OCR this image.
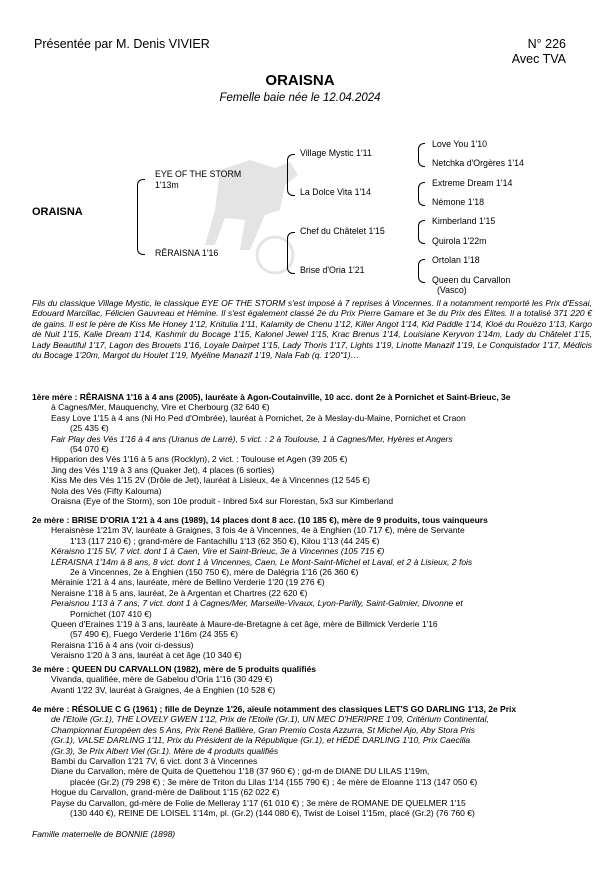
Présentée par M. Denis VIVIER	N° 226
Avec TVA
ORAISNA
Femelle baie née le 12.04.2024
ORAISNA
EYE OF THE STORM
1'13m
RÊRAISNA 1'16
Village Mystic 1'11
La Dolce Vita 1'14
Chef du Châtelet 1'15
Brise d'Oria 1'21
Love You 1'10
Netchka d'Orgères 1'14
Extreme Dream 1'14
Némone 1'18
Kimberland 1'15
Quirola 1'22m
Ortolan 1'18
Queen du Carvallon
(Vasco)

Fils du classique Village Mystic, le classique EYE OF THE STORM s'est imposé à 7 reprises à Vincennes. Il a notamment remporté les Prix d'Essai, Edouard Marcillac, Félicien Gauvreau et Hémine. Il s'est également classé 2e du Prix Pierre Gamare et 3e du Prix des Élites. Il a totalisé 371 220 € de gains. Il est le père de Kiss Me Honey 1'12, Knitulia 1'11, Kalamity de Chenu 1'12, Killer Angot 1'14, Kid Paddle 1'14, Kloé du Rouézo 1'13, Kargo de Nuit 1'15, Kalie Dream 1'14, Kashmir du Bocage 1'15, Kalonel Jewel 1'15, Krac Brenus 1'14, Louisiane Keryvon 1'14m, Lady du Châtelet 1'15, Lady Beautiful 1'17, Lagon des Brouets 1'16, Loyale Dairpet 1'15, Lady Thoris 1'17, Lights 1'19, Linotte Manazif 1'19, Le Conquistador 1'17, Médicis du Bocage 1'20m, Margot du Houlet 1'19, Myéline Manazif 1'19, Nala Fab (q. 1'20"1)…

1ère mère : RÊRAISNA 1'16 à 4 ans (2005), lauréate à Agon-Coutainville, 10 acc. dont 2e à Pornichet et Saint-Brieuc, 3e
à Cagnes/Mer, Mauquenchy, Vire et Cherbourg (32 640 €)
Easy Love 1'15 à 4 ans (Ni Ho Ped d'Ombrée), lauréat à Pornichet, 2e à Meslay-du-Maine, Pornichet et Craon
(25 435 €)
Fair Play des Vés 1'16 à 4 ans (Uranus de Larré), 5 vict. : 2 à Toulouse, 1 à Cagnes/Mer, Hyères et Angers
(54 070 €)
Hipparion des Vés 1'16 à 5 ans (Rocklyn), 2 vict. : Toulouse et Agen (39 205 €)
Jing des Vés 1'19 à 3 ans (Quaker Jet), 4 places (6 sorties)
Kiss Me des Vés 1'15 2V (Drôle de Jet), lauréat à Lisieux, 4e à Vincennes (12 545 €)
Nola des Vés (Fifty Kalouma)
Oraisna (Eye of the Storm), son 10e produit - Inbred 5x4 sur Florestan, 5x3 sur Kimberland
2e mère : BRISE D'ORIA 1'21 à 4 ans (1989), 14 places dont 8 acc. (10 185 €), mère de 9 produits, tous vainqueurs
Heraisnèse 1'21m 3V, lauréate à Graignes, 3 fois 4e à Vincennes, 4e à Enghien (10 717 €), mère de Servante
1'13 (117 210 €) ; grand-mère de Fantachillu 1'13 (62 350 €), Kilou 1'13 (44 245 €)
Kéraisno 1'15 5V, 7 vict. dont 1 à Caen, Vire et Saint-Brieuc, 3e à Vincennes (105 715 €)
LÉRAISNA 1'14m à 8 ans, 8 vict. dont 1 à Vincennes, Caen, Le Mont-Saint-Michel et Laval, et 2 à Lisieux, 2 fois
2e à Vincennes, 2e à Enghien (150 750 €), mère de Dalégria 1'16 (26 360 €)
Mérainie 1'21 à 4 ans, lauréate, mère de Bellino Verderie 1'20 (19 276 €)
Neraisne 1'18 à 5 ans, lauréat, 2e à Argentan et Chartres (22 620 €)
Peraisnou 1'13 à 7 ans, 7 vict. dont 1 à Cagnes/Mer, Marseille-Vivaux, Lyon-Parilly, Saint-Galmier, Divonne et
Pornichet (107 410 €)
Queen d'Eraines 1'19 à 3 ans, lauréate à Maure-de-Bretagne à cet âge, mère de Billmick Verderie 1'16
(57 490 €), Fuego Verderie 1'16m (24 355 €)
Reraisna 1'16 à 4 ans (voir ci-dessus)
Veraisno 1'20 à 3 ans, lauréat à cet âge (10 340 €)
3e mère : QUEEN DU CARVALLON (1982), mère de 5 produits qualifiés
Vivanda, qualifiée, mère de Gabelou d'Oria 1'16 (30 429 €)
Avanti 1'22 3V, lauréat à Graignes, 4e à Enghien (10 528 €)
4e mère : RÉSOLUE C G (1961) ; fille de Deynze 1'26, aïeule notamment des classiques LET'S GO DARLING 1'13, 2e Prix
de l'Etoile (Gr.1), THE LOVELY GWEN 1'12, Prix de l'Etoile (Gr.1), UN MEC D'HERIPRE 1'09, Critérium Continental,
Championnat Européen des 5 Ans, Prix René Ballière, Gran Premio Costa Azzurra, St Michel Ajo, Aby Stora Pris
(Gr.1), VALSE DARLING 1'11, Prix du Président de la République (Gr.1), et HÉDÉ DARLING 1'10, Prix Caecilia
(Gr.3), 3e Prix Albert Viel (Gr.1). Mère de 4 produits qualifiés
Bambi du Carvallon 1'21 7V, 6 vict. dont 3 à Vincennes
Diane du Carvallon, mère de Quita de Quettehou 1'18 (37 960 €) ; gd-m de DIANE DU LILAS 1'19m,
placée (Gr.2) (79 298 €) ; 3e mère de Triton du Lilas 1'14 (155 790 €) ; 4e mère de Eloanne 1'13 (147 050 €)
Hogue du Carvallon, grand-mère de Dalibout 1'15 (62 022 €)
Payse du Carvallon, gd-mère de Folie de Melleray 1'17 (61 010 €) ; 3e mère de ROMANE DE QUELMER 1'15
(130 440 €), REINE DE LOISEL 1'14m, pl. (Gr.2) (144 080 €), Twist de Loisel 1'15m, placé (Gr.2) (76 760 €)
Famille maternelle de BONNIE (1898)
